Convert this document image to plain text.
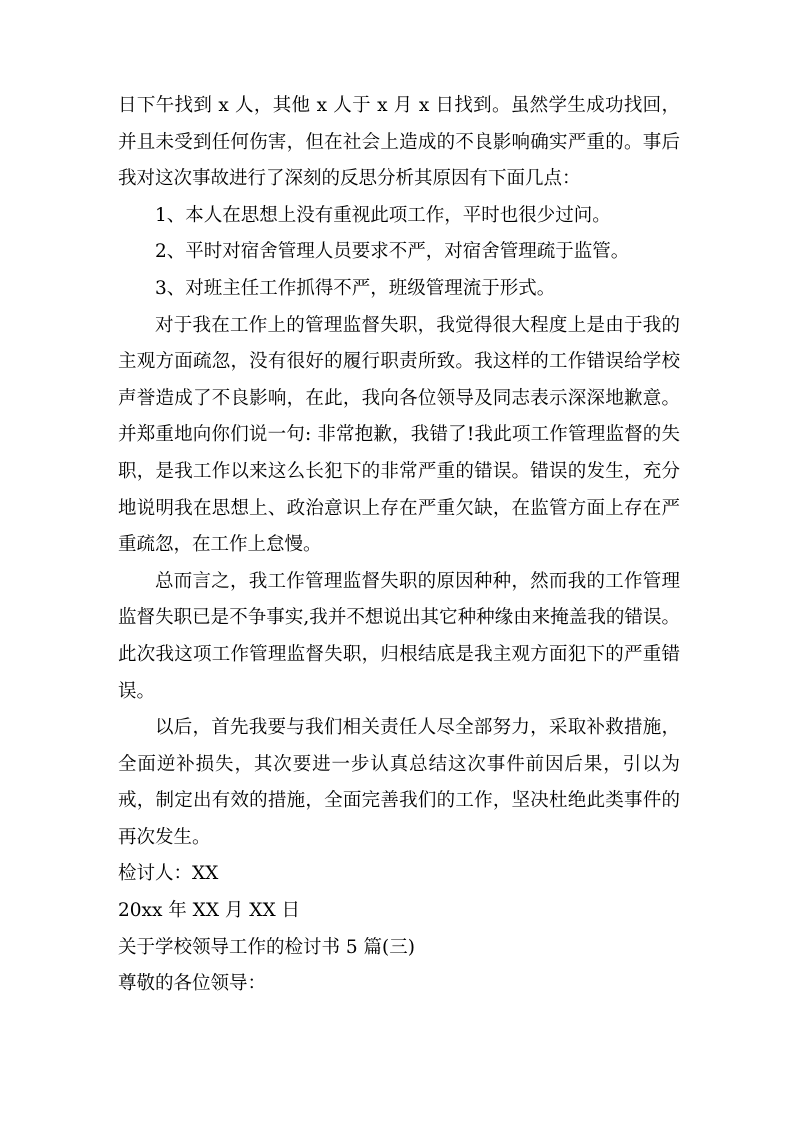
日下午找到 x 人，其他 x 人于 x 月 x 日找到。虽然学生成功找回，并且未受到任何伤害，但在社会上造成的不良影响确实严重的。事后我对这次事故进行了深刻的反思分析其原因有下面几点：

1、本人在思想上没有重视此项工作，平时也很少过问。

2、平时对宿舍管理人员要求不严，对宿舍管理疏于监管。

3、对班主任工作抓得不严，班级管理流于形式。

对于我在工作上的管理监督失职，我觉得很大程度上是由于我的主观方面疏忽，没有很好的履行职责所致。我这样的工作错误给学校声誉造成了不良影响，在此，我向各位领导及同志表示深深地歉意。并郑重地向你们说一句: 非常抱歉，我错了!我此项工作管理监督的失职，是我工作以来这么长犯下的非常严重的错误。错误的发生，充分地说明我在思想上、政治意识上存在严重欠缺，在监管方面上存在严重疏忽，在工作上怠慢。

总而言之，我工作管理监督失职的原因种种，然而我的工作管理监督失职已是不争事实,我并不想说出其它种种缘由来掩盖我的错误。此次我这项工作管理监督失职，归根结底是我主观方面犯下的严重错误。

以后，首先我要与我们相关责任人尽全部努力，采取补救措施，全面逆补损失，其次要进一步认真总结这次事件前因后果，引以为戒，制定出有效的措施，全面完善我们的工作，坚决杜绝此类事件的再次发生。

检讨人：XX

20xx 年 XX 月 XX 日

关于学校领导工作的检讨书 5 篇(三)

尊敬的各位领导：
